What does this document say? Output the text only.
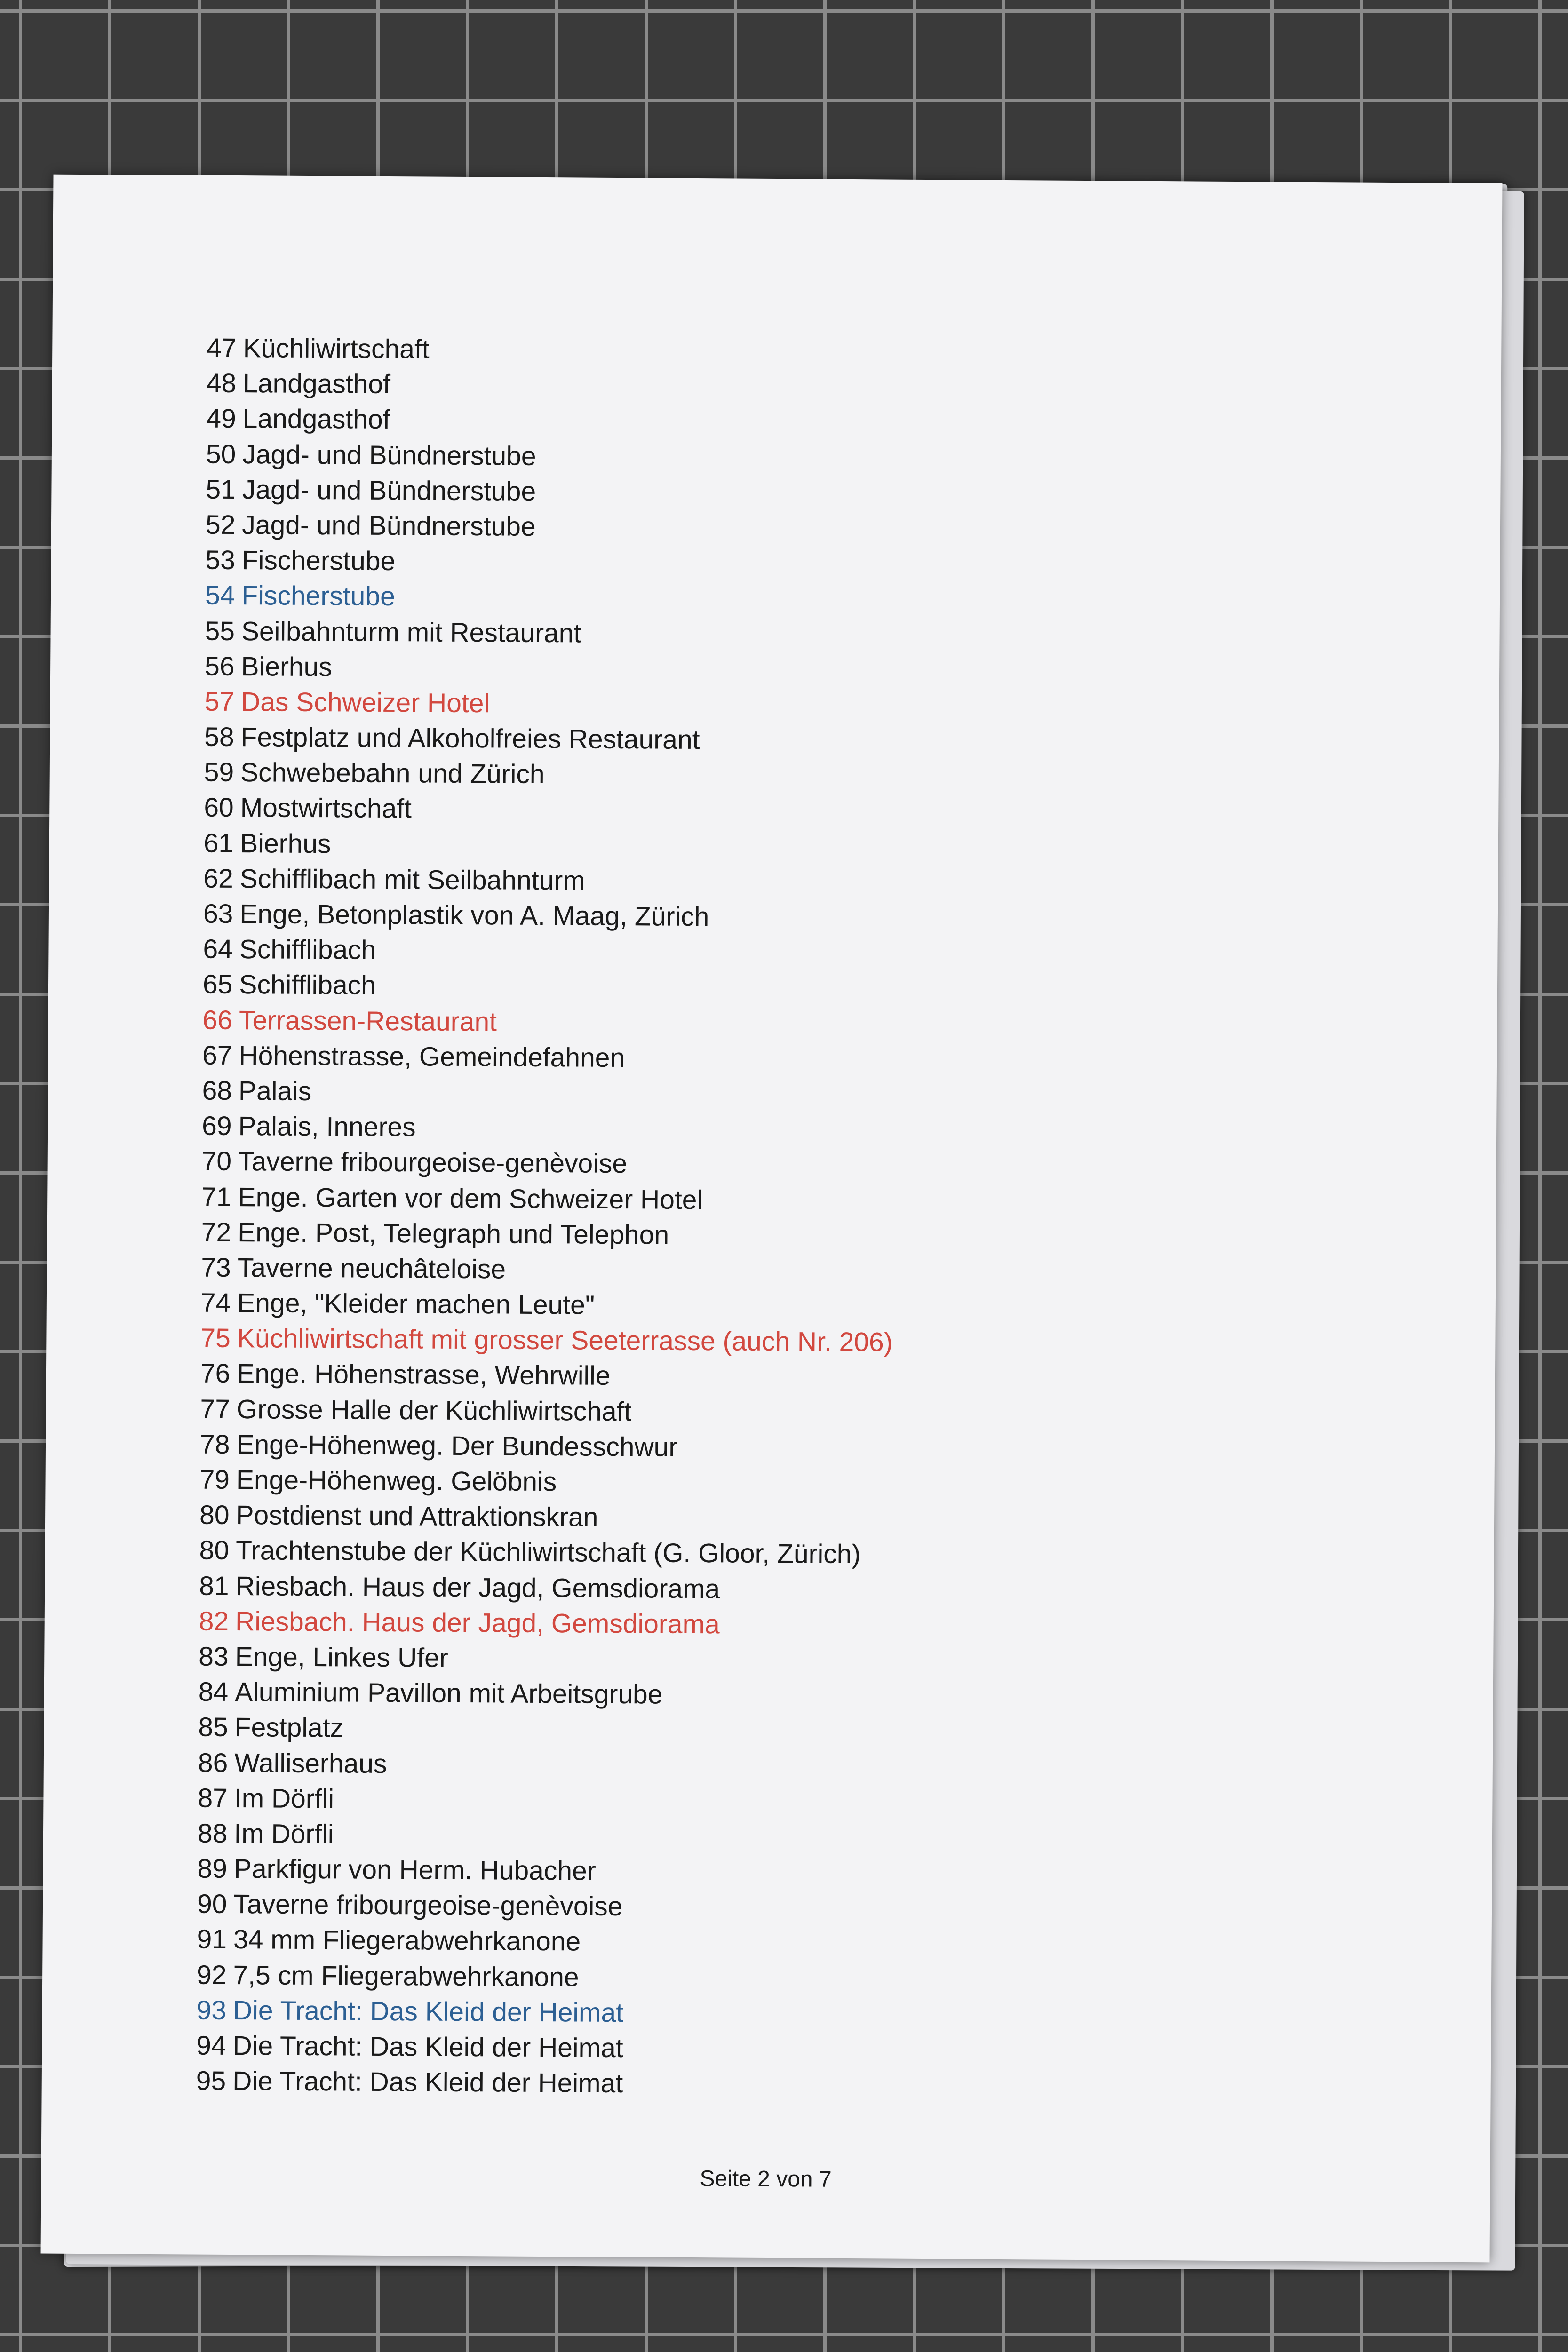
47 Küchliwirtschaft
48 Landgasthof
49 Landgasthof
50 Jagd- und Bündnerstube
51 Jagd- und Bündnerstube
52 Jagd- und Bündnerstube
53 Fischerstube
54 Fischerstube
55 Seilbahnturm mit Restaurant
56 Bierhus
57 Das Schweizer Hotel
58 Festplatz und Alkoholfreies Restaurant
59 Schwebebahn und Zürich
60 Mostwirtschaft
61 Bierhus
62 Schifflibach mit Seilbahnturm
63 Enge, Betonplastik von A. Maag, Zürich
64 Schifflibach
65 Schifflibach
66 Terrassen-Restaurant
67 Höhenstrasse, Gemeindefahnen
68 Palais
69 Palais, Inneres
70 Taverne fribourgeoise-genèvoise
71 Enge. Garten vor dem Schweizer Hotel
72 Enge. Post, Telegraph und Telephon
73 Taverne neuchâteloise
74 Enge, "Kleider machen Leute"
75 Küchliwirtschaft mit grosser Seeterrasse (auch Nr. 206)
76 Enge. Höhenstrasse, Wehrwille
77 Grosse Halle der Küchliwirtschaft
78 Enge-Höhenweg. Der Bundesschwur
79 Enge-Höhenweg. Gelöbnis
80 Postdienst und Attraktionskran
80 Trachtenstube der Küchliwirtschaft (G. Gloor, Zürich)
81 Riesbach. Haus der Jagd, Gemsdiorama
82 Riesbach. Haus der Jagd, Gemsdiorama
83 Enge, Linkes Ufer
84 Aluminium Pavillon mit Arbeitsgrube
85 Festplatz
86 Walliserhaus
87 Im Dörfli
88 Im Dörfli
89 Parkfigur von Herm. Hubacher
90 Taverne fribourgeoise-genèvoise
91 34 mm Fliegerabwehrkanone
92 7,5 cm Fliegerabwehrkanone
93 Die Tracht: Das Kleid der Heimat
94 Die Tracht: Das Kleid der Heimat
95 Die Tracht: Das Kleid der Heimat
Seite 2 von 7
